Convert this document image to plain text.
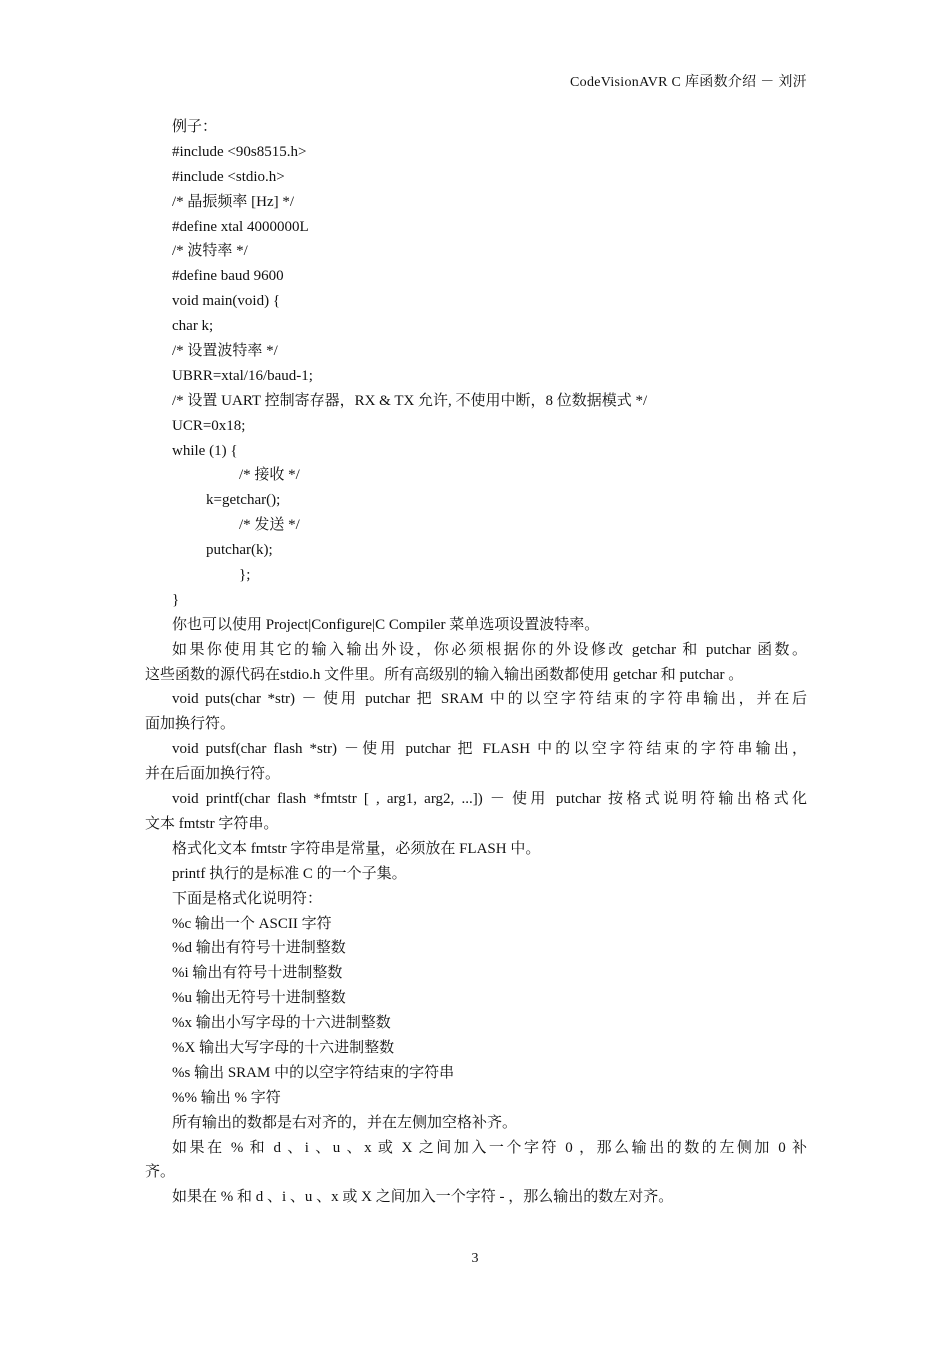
CodeVisionAVR C 库函数介绍 － 刘汧
例子：
#include <90s8515.h>
#include <stdio.h>
/* 晶振频率 [Hz] */
#define xtal 4000000L
/* 波特率 */
#define baud 9600
void main(void) {
char k;
/* 设置波特率 */
UBRR=xtal/16/baud-1;
/* 设置 UART 控制寄存器，RX & TX 允许, 不使用中断，8 位数据模式 */
UCR=0x18;
while (1) {
/* 接收 */
k=getchar();
/* 发送 */
putchar(k);
};
}
你也可以使用 Project|Configure|C Compiler 菜单选项设置波特率。
如果你使用其它的输入输出外设，你必须根据你的外设修改 getchar 和 putchar 函数。
这些函数的源代码在stdio.h 文件里。所有高级别的输入输出函数都使用 getchar 和 putchar 。
void puts(char *str) － 使用 putchar 把 SRAM 中的以空字符结束的字符串输出，并在后
面加换行符。
void putsf(char flash *str) －使用 putchar 把 FLASH 中的以空字符结束的字符串输出，
并在后面加换行符。
void printf(char flash *fmtstr [ , arg1, arg2, ...]) － 使用 putchar 按格式说明符输出格式化
文本 fmtstr 字符串。
格式化文本 fmtstr 字符串是常量，必须放在 FLASH 中。
printf 执行的是标准 C 的一个子集。
下面是格式化说明符：
%c 输出一个 ASCII 字符
%d 输出有符号十进制整数
%i 输出有符号十进制整数
%u 输出无符号十进制整数
%x 输出小写字母的十六进制整数
%X 输出大写字母的十六进制整数
%s 输出 SRAM 中的以空字符结束的字符串
%% 输出 % 字符
所有输出的数都是右对齐的，并在左侧加空格补齐。
如果在 % 和 d 、i 、u 、x 或 X 之间加入一个字符 0 ，那么输出的数的左侧加 0 补
齐。
如果在 % 和 d 、i 、u 、x 或 X 之间加入一个字符 - ，那么输出的数左对齐。
3
